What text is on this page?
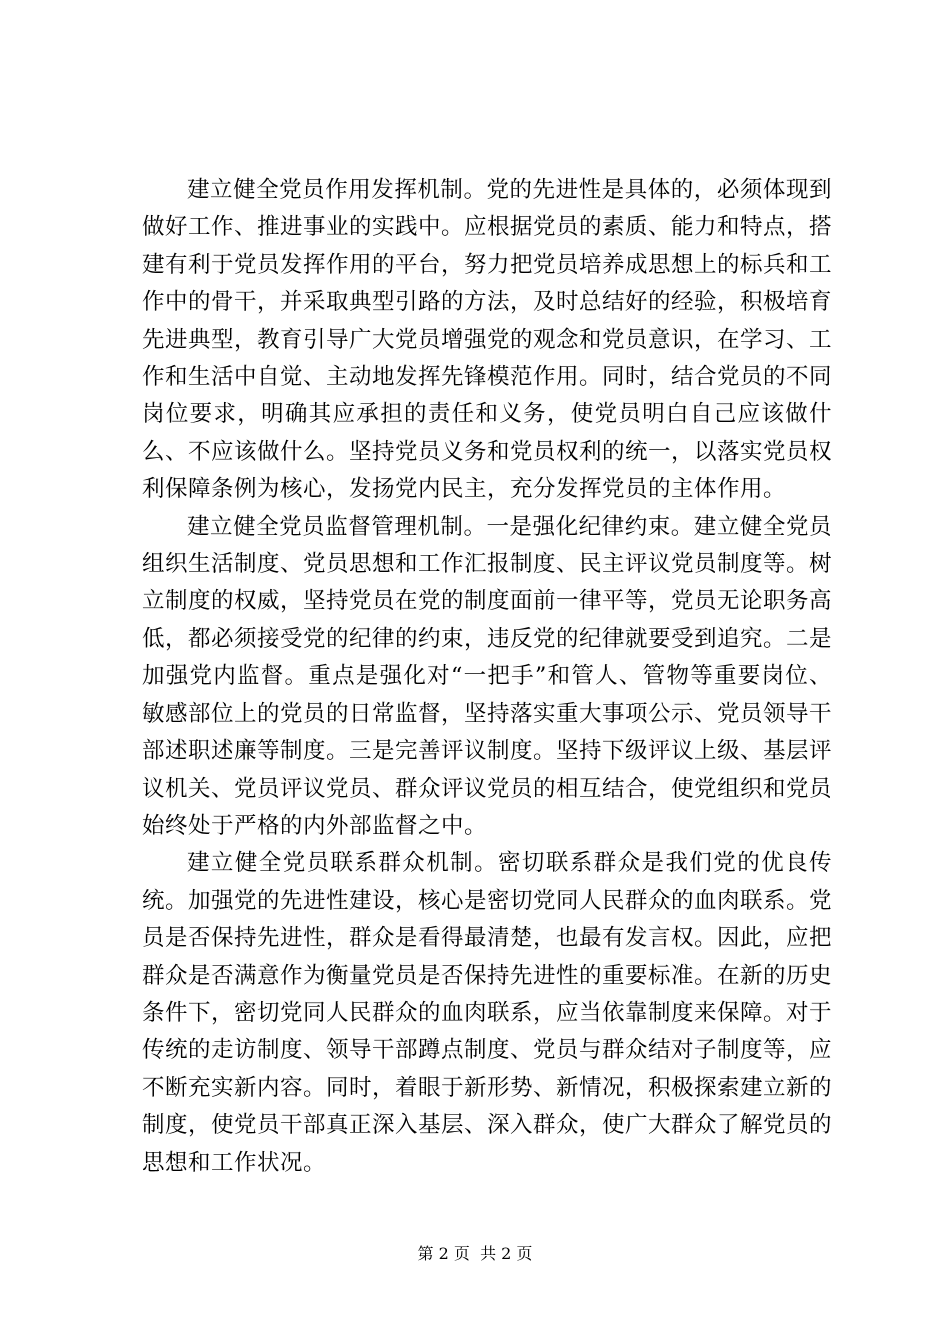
建立健全党员作用发挥机制。党的先进性是具体的，必须体现到做好工作、推进事业的实践中。应根据党员的素质、能力和特点，搭建有利于党员发挥作用的平台，努力把党员培养成思想上的标兵和工作中的骨干，并采取典型引路的方法，及时总结好的经验，积极培育先进典型，教育引导广大党员增强党的观念和党员意识，在学习、工作和生活中自觉、主动地发挥先锋模范作用。同时，结合党员的不同岗位要求，明确其应承担的责任和义务，使党员明白自己应该做什么、不应该做什么。坚持党员义务和党员权利的统一，以落实党员权利保障条例为核心，发扬党内民主，充分发挥党员的主体作用。

建立健全党员监督管理机制。一是强化纪律约束。建立健全党员组织生活制度、党员思想和工作汇报制度、民主评议党员制度等。树立制度的权威，坚持党员在党的制度面前一律平等，党员无论职务高低，都必须接受党的纪律的约束，违反党的纪律就要受到追究。二是加强党内监督。重点是强化对“一把手”和管人、管物等重要岗位、敏感部位上的党员的日常监督，坚持落实重大事项公示、党员领导干部述职述廉等制度。三是完善评议制度。坚持下级评议上级、基层评议机关、党员评议党员、群众评议党员的相互结合，使党组织和党员始终处于严格的内外部监督之中。

建立健全党员联系群众机制。密切联系群众是我们党的优良传统。加强党的先进性建设，核心是密切党同人民群众的血肉联系。党员是否保持先进性，群众是看得最清楚，也最有发言权。因此，应把群众是否满意作为衡量党员是否保持先进性的重要标准。在新的历史条件下，密切党同人民群众的血肉联系，应当依靠制度来保障。对于传统的走访制度、领导干部蹲点制度、党员与群众结对子制度等，应不断充实新内容。同时，着眼于新形势、新情况，积极探索建立新的制度，使党员干部真正深入基层、深入群众，使广大群众了解党员的思想和工作状况。

第 2 页  共 2 页
